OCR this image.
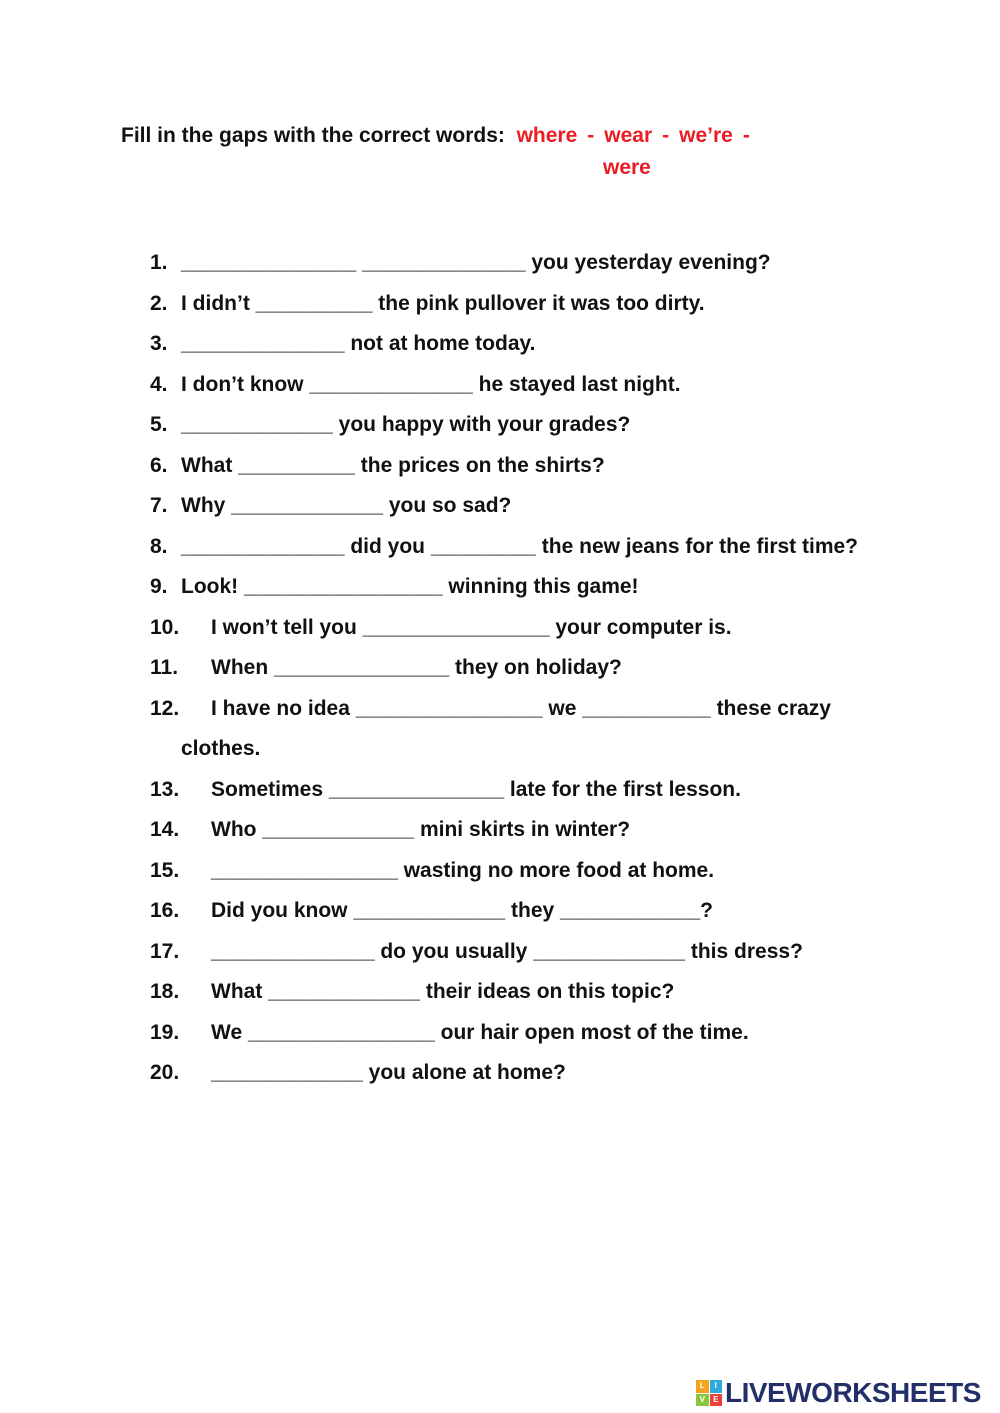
Fill in the gaps with the correct words: where - wear - we’re -
were
1. _______________ ______________ you yesterday evening?
2. I didn’t __________ the pink pullover it was too dirty.
3. ______________ not at home today.
4. I don’t know ______________ he stayed last night.
5. _____________ you happy with your grades?
6. What __________ the prices on the shirts?
7. Why _____________ you so sad?
8. ______________ did you _________ the new jeans for the first time?
9. Look! _________________ winning this game!
10.	I won’t tell you ________________ your computer is.
11.	When _______________ they on holiday?
12.	I have no idea ________________ we ___________ these crazy clothes.
13.	Sometimes _______________ late for the first lesson.
14.	Who _____________ mini skirts in winter?
15.	________________ wasting no more food at home.
16.	Did you know _____________ they ____________?
17.	______________ do you usually _____________ this dress?
18.	What _____________ their ideas on this topic?
19.	We ________________ our hair open most of the time.
20.	_____________ you alone at home?
L	I
V	E LIVEWORKSHEETS
